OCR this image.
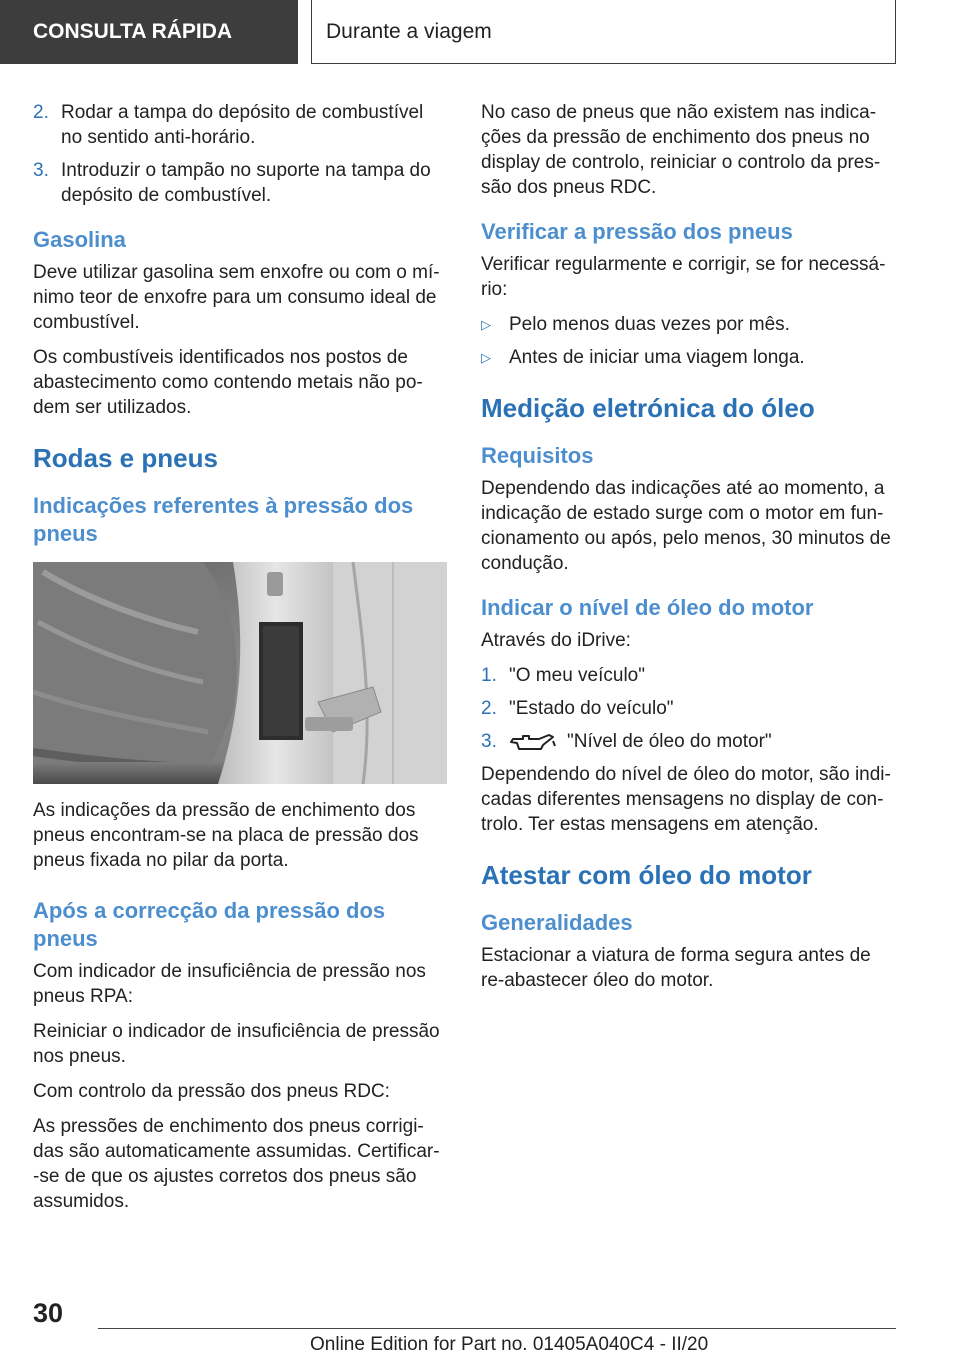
CONSULTA RÁPIDA	Durante a viagem
2. Rodar a tampa do depósito de combustível no sentido anti-horário.
3. Introduzir o tampão no suporte na tampa do depósito de combustível.
Gasolina

Deve utilizar gasolina sem enxofre ou com o mí-nimo teor de enxofre para um consumo ideal de combustível.

Os combustíveis identificados nos postos de abastecimento como contendo metais não po-dem ser utilizados.

Rodas e pneus
Indicações referentes à pressão dos pneus

As indicações da pressão de enchimento dos pneus encontram-se na placa de pressão dos pneus fixada no pilar da porta.

Após a correcção da pressão dos pneus

Com indicador de insuficiência de pressão nos pneus RPA:

Reiniciar o indicador de insuficiência de pressão nos pneus.

Com controlo da pressão dos pneus RDC:

As pressões de enchimento dos pneus corrigi-das são automaticamente assumidas. Certificar--se de que os ajustes corretos dos pneus são assumidos.

No caso de pneus que não existem nas indica-ções da pressão de enchimento dos pneus no display de controlo, reiniciar o controlo da pres-são dos pneus RDC.

Verificar a pressão dos pneus

Verificar regularmente e corrigir, se for necessá-rio:

▷ Pelo menos duas vezes por mês.
▷ Antes de iniciar uma viagem longa.
Medição eletrónica do óleo
Requisitos

Dependendo das indicações até ao momento, a indicação de estado surge com o motor em fun-cionamento ou após, pelo menos, 30 minutos de condução.

Indicar o nível de óleo do motor

Através do iDrive:

1. "O meu veículo"
2. "Estado do veículo"
3.	"Nível de óleo do motor"

Dependendo do nível de óleo do motor, são indi-cadas diferentes mensagens no display de con-trolo. Ter estas mensagens em atenção.

Atestar com óleo do motor
Generalidades

Estacionar a viatura de forma segura antes de re-abastecer óleo do motor.

30
Online Edition for Part no. 01405A040C4 - II/20
